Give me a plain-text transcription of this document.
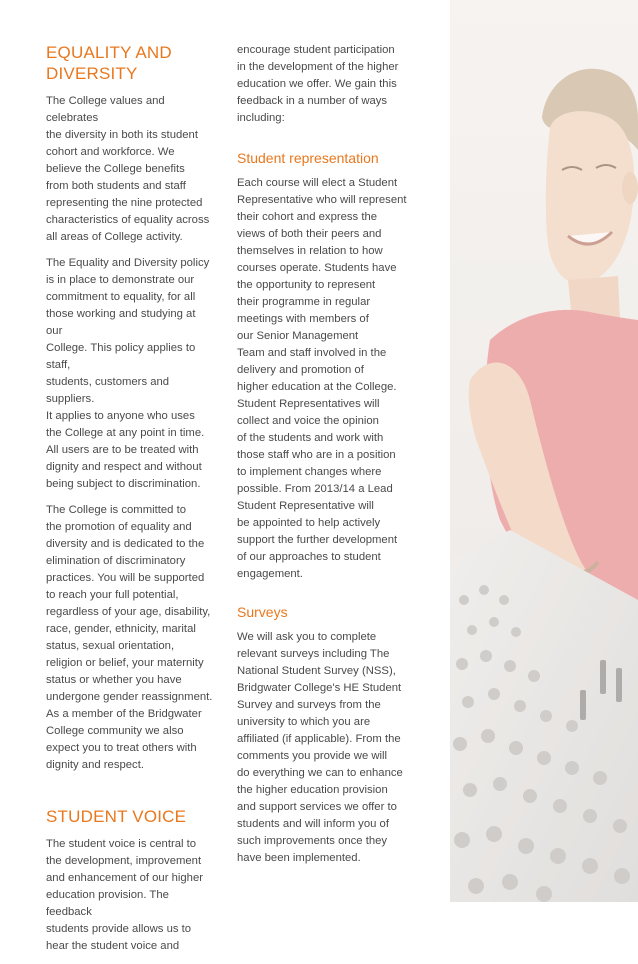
EQUALITY AND
DIVERSITY

The College values and celebrates
the diversity in both its student
cohort and workforce. We
believe the College benefits
from both students and staff
representing the nine protected
characteristics of equality across
all areas of College activity.

The Equality and Diversity policy
is in place to demonstrate our
commitment to equality, for all
those working and studying at our
College. This policy applies to staff,
students, customers and suppliers.
It applies to anyone who uses
the College at any point in time.
All users are to be treated with
dignity and respect and without
being subject to discrimination.

The College is committed to
the promotion of equality and
diversity and is dedicated to the
elimination of discriminatory
practices. You will be supported
to reach your full potential,
regardless of your age, disability,
race, gender, ethnicity, marital
status, sexual orientation,
religion or belief, your maternity
status or whether you have
undergone gender reassignment.
As a member of the Bridgwater
College community we also
expect you to treat others with
dignity and respect.

STUDENT VOICE

The student voice is central to
the development, improvement
and enhancement of our higher
education provision. The feedback
students provide allows us to
hear the student voice and

encourage student participation
in the development of the higher
education we offer. We gain this
feedback in a number of ways
including:

Student representation

Each course will elect a Student
Representative who will represent
their cohort and express the
views of both their peers and
themselves in relation to how
courses operate. Students have
the opportunity to represent
their programme in regular
meetings with members of
our Senior Management
Team and staff involved in the
delivery and promotion of
higher education at the College.
Student Representatives will
collect and voice the opinion
of the students and work with
those staff who are in a position
to implement changes where
possible. From 2013/14 a Lead
Student Representative will
be appointed to help actively
support the further development
of our approaches to student
engagement.

Surveys

We will ask you to complete
relevant surveys including The
National Student Survey (NSS),
Bridgwater College's HE Student
Survey and surveys from the
university to which you are
affiliated (if applicable). From the
comments you provide we will
do everything we can to enhance
the higher education provision
and support services we offer to
students and will inform you of
such improvements once they
have been implemented.
